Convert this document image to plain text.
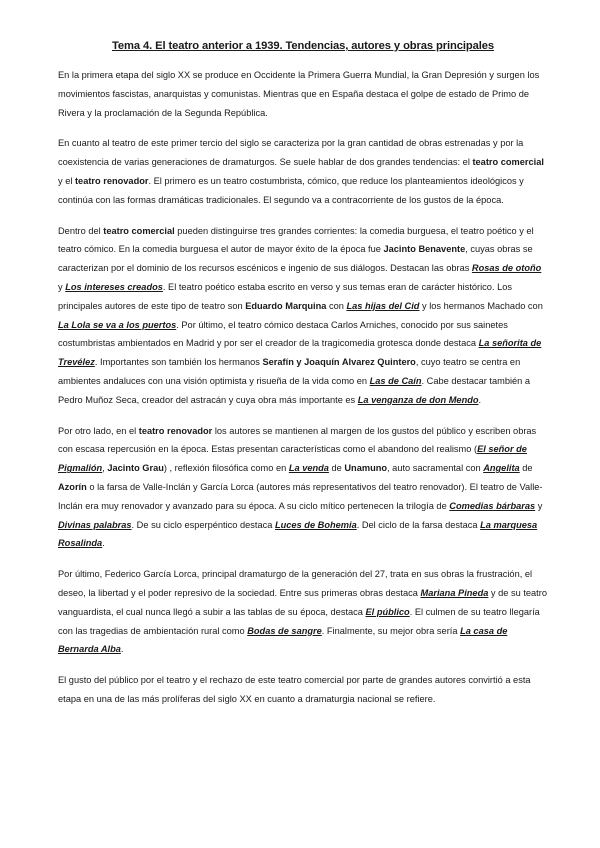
Tema 4. El teatro anterior a 1939. Tendencias, autores y obras principales

En la primera etapa del siglo XX se produce en Occidente la Primera Guerra Mundial, la Gran Depresión y surgen los movimientos fascistas, anarquistas y comunistas. Mientras que en España destaca el golpe de estado de Primo de Rivera y la proclamación de la Segunda República.

En cuanto al teatro de este primer tercio del siglo se caracteriza por la gran cantidad de obras estrenadas y por la coexistencia de varias generaciones de dramaturgos. Se suele hablar de dos grandes tendencias: el teatro comercial y el teatro renovador. El primero es un teatro costumbrista, cómico, que reduce los planteamientos ideológicos y continúa con las formas dramáticas tradicionales. El segundo va a contracorriente de los gustos de la época.

Dentro del teatro comercial pueden distinguirse tres grandes corrientes: la comedia burguesa, el teatro poético y el teatro cómico. En la comedia burguesa el autor de mayor éxito de la época fue Jacinto Benavente, cuyas obras se caracterizan por el dominio de los recursos escénicos e ingenio de sus diálogos. Destacan las obras Rosas de otoño y Los intereses creados. El teatro poético estaba escrito en verso y sus temas eran de carácter histórico. Los principales autores de este tipo de teatro son Eduardo Marquina con Las hijas del Cid y los hermanos Machado con La Lola se va a los puertos. Por último, el teatro cómico destaca Carlos Arniches, conocido por sus sainetes costumbristas ambientados en Madrid y por ser el creador de la tragicomedia grotesca donde destaca La señorita de Trevélez. Importantes son también los hermanos Serafín y Joaquín Alvarez Quintero, cuyo teatro se centra en ambientes andaluces con una visión optimista y risueña de la vida como en Las de Caín. Cabe destacar también a Pedro Muñoz Seca, creador del astracán y cuya obra más importante es La venganza de don Mendo.

Por otro lado, en el teatro renovador los autores se mantienen al margen de los gustos del público y escriben obras con escasa repercusión en la época. Estas presentan características como el abandono del realismo (El señor de Pigmalión, Jacinto Grau) , reflexión filosófica como en La venda de Unamuno, auto sacramental con Angelita de Azorín o la farsa de Valle-Inclán y García Lorca (autores más representativos del teatro renovador). El teatro de Valle-Inclán era muy renovador y avanzado para su época. A su ciclo mítico pertenecen la trilogía de Comedias bárbaras y Divinas palabras. De su ciclo esperpéntico destaca Luces de Bohemia. Del ciclo de la farsa destaca La marquesa Rosalinda.

Por último, Federico García Lorca, principal dramaturgo de la generación del 27, trata en sus obras la frustración, el deseo, la libertad y el poder represivo de la sociedad. Entre sus primeras obras destaca Mariana Pineda y de su teatro vanguardista, el cual nunca llegó a subir a las tablas de su época, destaca El público. El culmen de su teatro llegaría con las tragedias de ambientación rural como Bodas de sangre. Finalmente, su mejor obra sería La casa de Bernarda Alba.

El gusto del público por el teatro y el rechazo de este teatro comercial por parte de grandes autores convirtió a esta etapa en una de las más prolíferas del siglo XX en cuanto a dramaturgia nacional se refiere.
